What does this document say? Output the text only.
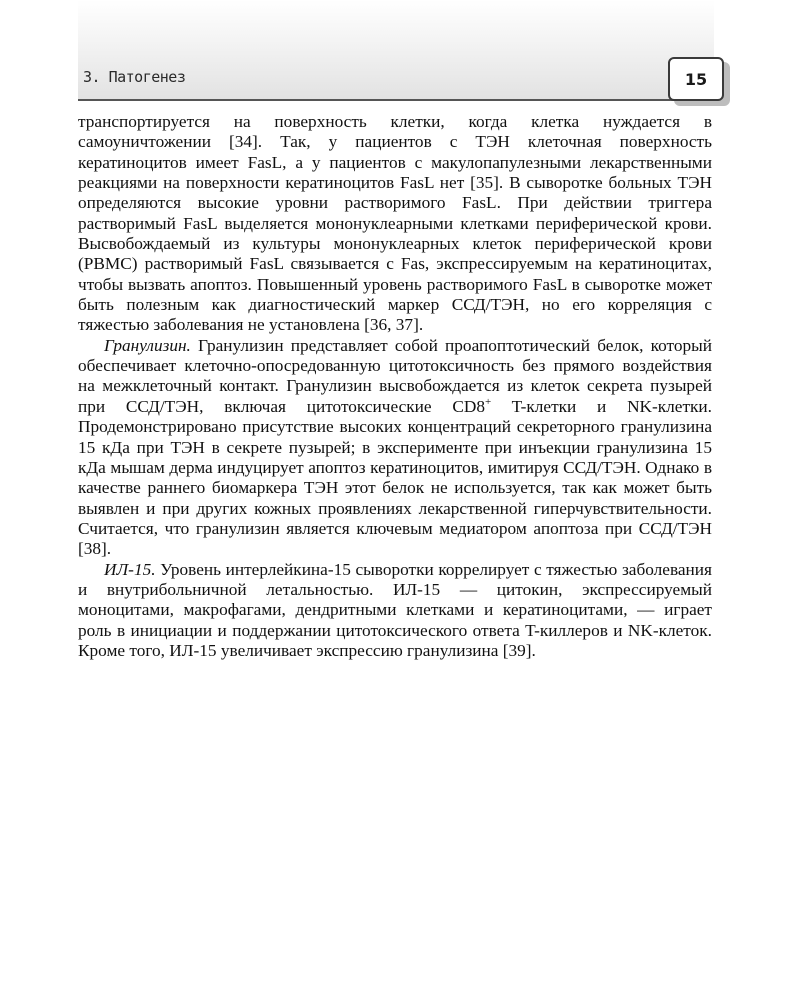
3. Патогенез	15

транспортируется на поверхность клетки, когда клетка нуждается в самоуничтожении [34]. Так, у пациентов с ТЭН клеточная поверхность кератиноцитов имеет FasL, а у пациентов с макулопапулезными лекарственными реакциями на поверхности кератиноцитов FasL нет [35]. В сыворотке больных ТЭН определяются высокие уровни растворимого FasL. При действии триггера растворимый FasL выделяется мононуклеарными клетками периферической крови. Высвобождаемый из культуры мононуклеарных клеток периферической крови (PBMC) растворимый FasL связывается с Fas, экспрессируемым на кератиноцитах, чтобы вызвать апоптоз. Повышенный уровень растворимого FasL в сыворотке может быть полезным как диагностический маркер ССД/ТЭН, но его корреляция с тяжестью заболевания не установлена [36, 37].

Гранулизин. Гранулизин представляет собой проапоптотический белок, который обеспечивает клеточно-опосредованную цитотоксичность без прямого воздействия на межклеточный контакт. Гранулизин высвобождается из клеток секрета пузырей при ССД/ТЭН, включая цитотоксические CD8+ T-клетки и NK-клетки. Продемонстрировано присутствие высоких концентраций секреторного гранулизина 15 кДа при ТЭН в секрете пузырей; в эксперименте при инъекции гранулизина 15 кДа мышам дерма индуцирует апоптоз кератиноцитов, имитируя ССД/ТЭН. Однако в качестве раннего биомаркера ТЭН этот белок не используется, так как может быть выявлен и при других кожных проявлениях лекарственной гиперчувствительности. Считается, что гранулизин является ключевым медиатором апоптоза при ССД/ТЭН [38].

ИЛ-15. Уровень интерлейкина-15 сыворотки коррелирует с тяжестью заболевания и внутрибольничной летальностью. ИЛ-15 — цитокин, экспрессируемый моноцитами, макрофагами, дендритными клетками и кератиноцитами, — играет роль в инициации и поддержании цитотоксического ответа T-киллеров и NK-клеток. Кроме того, ИЛ-15 увеличивает экспрессию гранулизина [39].
